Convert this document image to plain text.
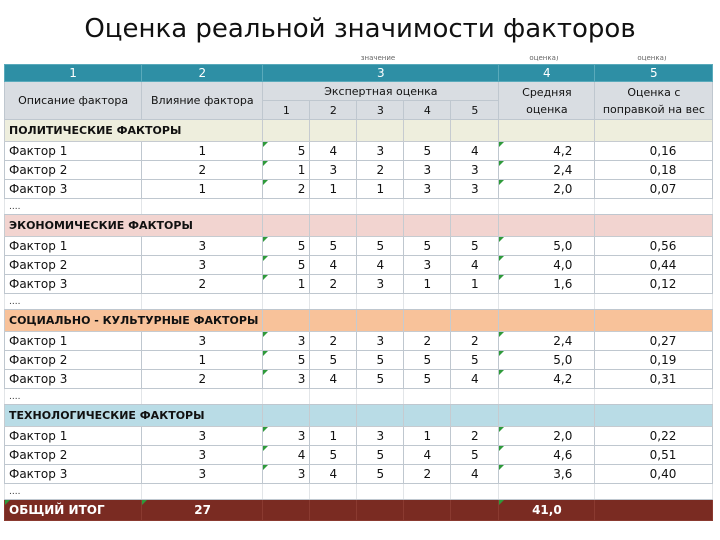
Оценка реальной значимости факторов
значение	оценка)	оценка)
1	2	3					4	5
Описание фактора	Влияние фактора	Экспертная оценка					Средняя оценка	Оценка с поправкой на вес
		1	2	3	4	5		
ПОЛИТИЧЕСКИЕ ФАКТОРЫ								
Фактор 1	1	5	4	3	5	4	4,2	0,16
Фактор 2	2	1	3	2	3	3	2,4	0,18
Фактор 3	1	2	1	1	3	3	2,0	0,07
....								
ЭКОНОМИЧЕСКИЕ ФАКТОРЫ								
Фактор 1	3	5	5	5	5	5	5,0	0,56
Фактор 2	3	5	4	4	3	4	4,0	0,44
Фактор 3	2	1	2	3	1	1	1,6	0,12
....								
СОЦИАЛЬНО - КУЛЬТУРНЫЕ ФАКТОРЫ								
Фактор 1	3	3	2	3	2	2	2,4	0,27
Фактор 2	1	5	5	5	5	5	5,0	0,19
Фактор 3	2	3	4	5	5	4	4,2	0,31
....								
ТЕХНОЛОГИЧЕСКИЕ ФАКТОРЫ								
Фактор 1	3	3	1	3	1	2	2,0	0,22
Фактор 2	3	4	5	5	4	5	4,6	0,51
Фактор 3	3	3	4	5	2	4	3,6	0,40
....								
ОБЩИЙ ИТОГ	27						41,0	
